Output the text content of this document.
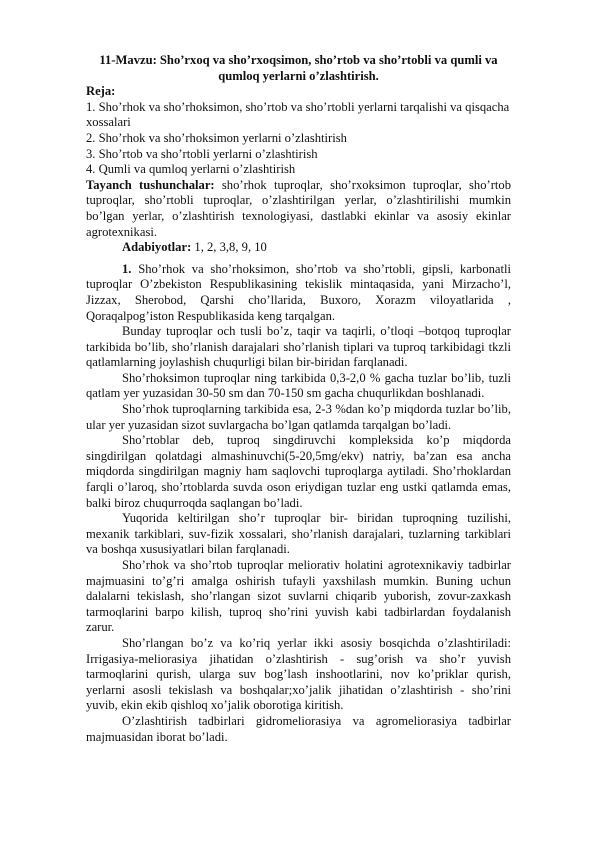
11-Mavzu: Sho’rxoq va sho’rxoqsimon, sho’rtob va sho’rtobli va qumli va qumloq yerlarni o’zlashtirish.

Reja:

1. Sho’rhok va sho’rhoksimon, sho’rtob va sho’rtobli yerlarni tarqalishi va qisqacha xossalari

2. Sho’rhok va sho’rhoksimon yerlarni o’zlashtirish

3. Sho’rtob va sho’rtobli yerlarni o’zlashtirish

4. Qumli va qumloq yerlarni o’zlashtirish

Tayanch tushunchalar: sho’rhok tuproqlar, sho’rxoksimon tuproqlar, sho’rtob tuproqlar, sho’rtobli tuproqlar, o’zlashtirilgan yerlar, o’zlashtirilishi mumkin bo’lgan yerlar, o’zlashtirish texnologiyasi, dastlabki ekinlar va asosiy ekinlar agrotexnikasi.

Adabiyotlar: 1, 2, 3,8, 9, 10

1. Sho’rhok va sho’rhoksimon, sho’rtob va sho’rtobli, gipsli, karbonatli tuproqlar O’zbekiston Respublikasining tekislik mintaqasida, yani Mirzacho’l, Jizzax, Sherobod, Qarshi cho’llarida, Buxoro, Xorazm viloyatlarida , Qoraqalpog’iston Respublikasida keng tarqalgan.

Bunday tuproqlar och tusli bo’z, taqir va taqirli, o’tloqi –botqoq tuproqlar tarkibida bo’lib, sho’rlanish darajalari sho’rlanish tiplari va tuproq tarkibidagi tkzli qatlamlarning joylashish chuqurligi bilan bir-biridan farqlanadi.

Sho’rhoksimon tuproqlar ning tarkibida 0,3-2,0 % gacha tuzlar bo’lib, tuzli qatlam yer yuzasidan 30-50 sm dan 70-150 sm gacha chuqurlikdan boshlanadi.

Sho’rhok tuproqlarning tarkibida esa, 2-3 %dan ko’p miqdorda tuzlar bo’lib, ular yer yuzasidan sizot suvlargacha bo’lgan qatlamda tarqalgan bo’ladi.

Sho’rtoblar deb, tuproq singdiruvchi kompleksida ko’p miqdorda singdirilgan qolatdagi almashinuvchi(5-20,5mg/ekv) natriy, ba’zan esa ancha miqdorda singdirilgan magniy ham saqlovchi tuproqlarga aytiladi. Sho’rhoklardan farqli o’laroq, sho’rtoblarda suvda oson eriydigan tuzlar eng ustki qatlamda emas, balki biroz chuqurroqda saqlangan bo’ladi.

Yuqorida keltirilgan sho’r tuproqlar bir- biridan tuproqning tuzilishi, mexanik tarkiblari, suv-fizik xossalari, sho’rlanish darajalari, tuzlarning tarkiblari va boshqa xususiyatlari bilan farqlanadi.

Sho’rhok va sho’rtob tuproqlar meliorativ holatini agrotexnikaviy tadbirlar majmuasini to’g’ri amalga oshirish tufayli yaxshilash mumkin. Buning uchun dalalarni tekislash, sho’rlangan sizot suvlarni chiqarib yuborish, zovur-zaxkash tarmoqlarini barpo kilish, tuproq sho’rini yuvish kabi tadbirlardan foydalanish zarur.

Sho’rlangan bo’z va ko’riq yerlar ikki asosiy bosqichda o’zlashtiriladi: Irrigasiya-meliorasiya jihatidan o’zlashtirish - sug’orish va sho’r yuvish tarmoqlarini qurish, ularga suv bog’lash inshootlarini, nov ko’priklar qurish, yerlarni asosli tekislash va boshqalar;xo’jalik jihatidan o’zlashtirish - sho’rini yuvib, ekin ekib qishloq xo’jalik oborotiga kiritish.

O’zlashtirish tadbirlari gidromeliorasiya va agromeliorasiya tadbirlar majmuasidan iborat bo’ladi.
